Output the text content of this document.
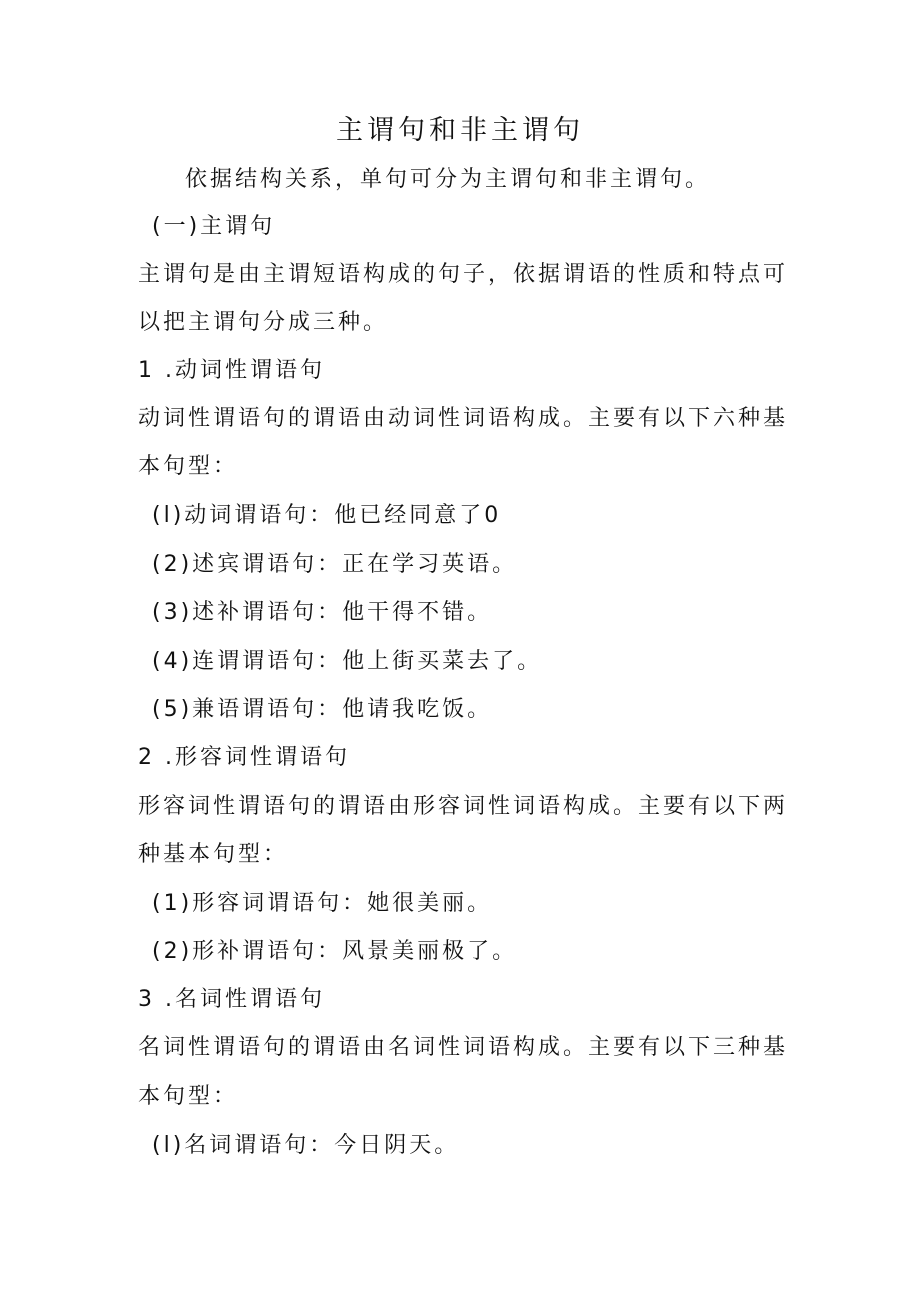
主谓句和非主谓句
依据结构关系，单句可分为主谓句和非主谓句。
(一)主谓句
主谓句是由主谓短语构成的句子，依据谓语的性质和特点可
以把主谓句分成三种。
1 .动词性谓语句
动词性谓语句的谓语由动词性词语构成。主要有以下六种基
本句型：
(l)动词谓语句：他已经同意了0
(2)述宾谓语句：正在学习英语。
(3)述补谓语句：他干得不错。
(4)连谓谓语句：他上街买菜去了。
(5)兼语谓语句：他请我吃饭。
2 .形容词性谓语句
形容词性谓语句的谓语由形容词性词语构成。主要有以下两
种基本句型：
(1)形容词谓语句：她很美丽。
(2)形补谓语句：风景美丽极了。
3 .名词性谓语句
名词性谓语句的谓语由名词性词语构成。主要有以下三种基
本句型：
(l)名词谓语句：今日阴天。
